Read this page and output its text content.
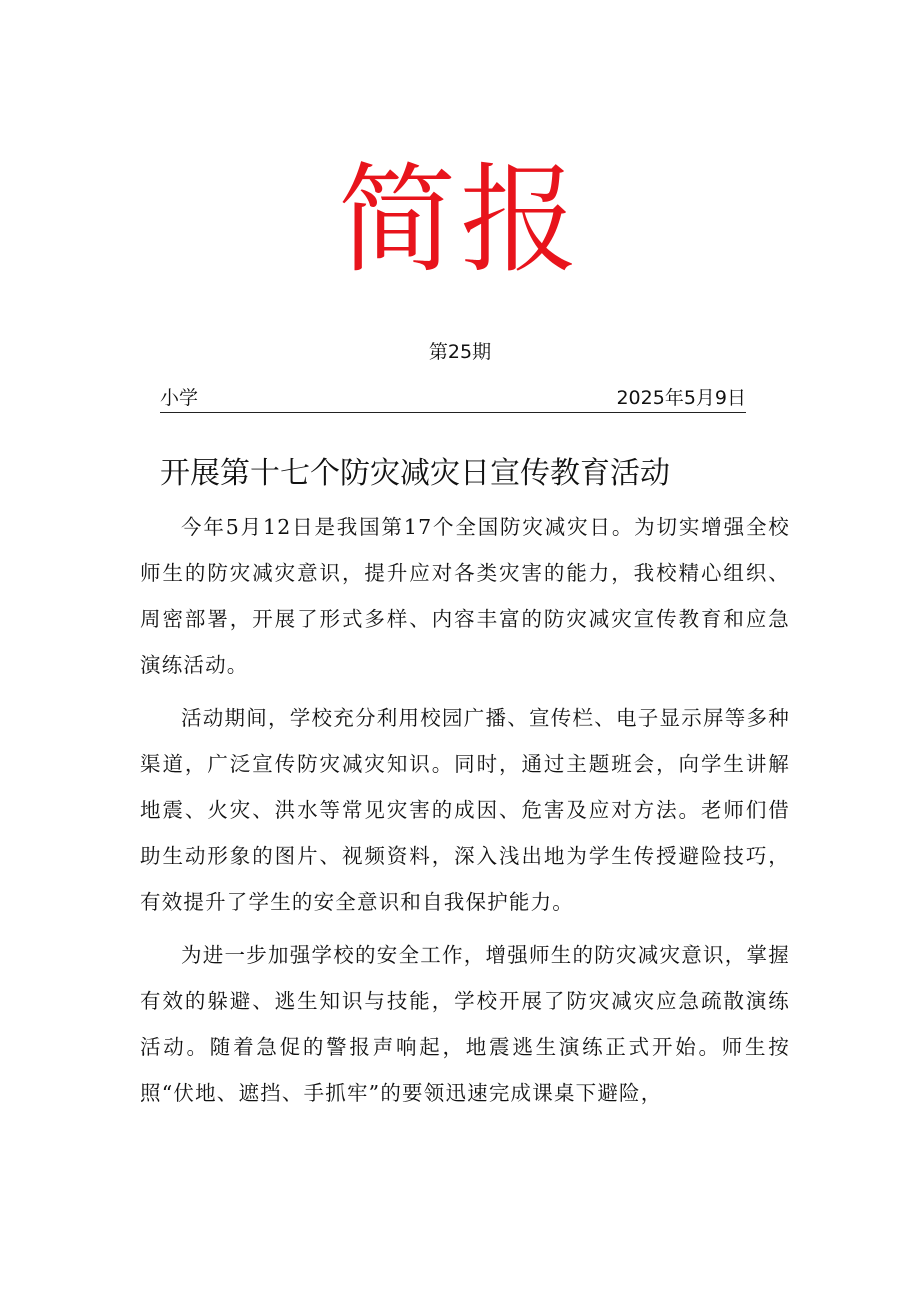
简报
第25期
小学	2025年5月9日
开展第十七个防灾减灾日宣传教育活动

今年5月12日是我国第17个全国防灾减灾日。为切实增强全校师生的防灾减灾意识，提升应对各类灾害的能力，我校精心组织、周密部署，开展了形式多样、内容丰富的防灾减灾宣传教育和应急演练活动。

活动期间，学校充分利用校园广播、宣传栏、电子显示屏等多种渠道，广泛宣传防灾减灾知识。同时，通过主题班会，向学生讲解地震、火灾、洪水等常见灾害的成因、危害及应对方法。老师们借助生动形象的图片、视频资料，深入浅出地为学生传授避险技巧，有效提升了学生的安全意识和自我保护能力。

为进一步加强学校的安全工作，增强师生的防灾减灾意识，掌握有效的躲避、逃生知识与技能，学校开展了防灾减灾应急疏散演练活动。随着急促的警报声响起，地震逃生演练正式开始。师生按照“伏地、遮挡、手抓牢”的要领迅速完成课桌下避险，
